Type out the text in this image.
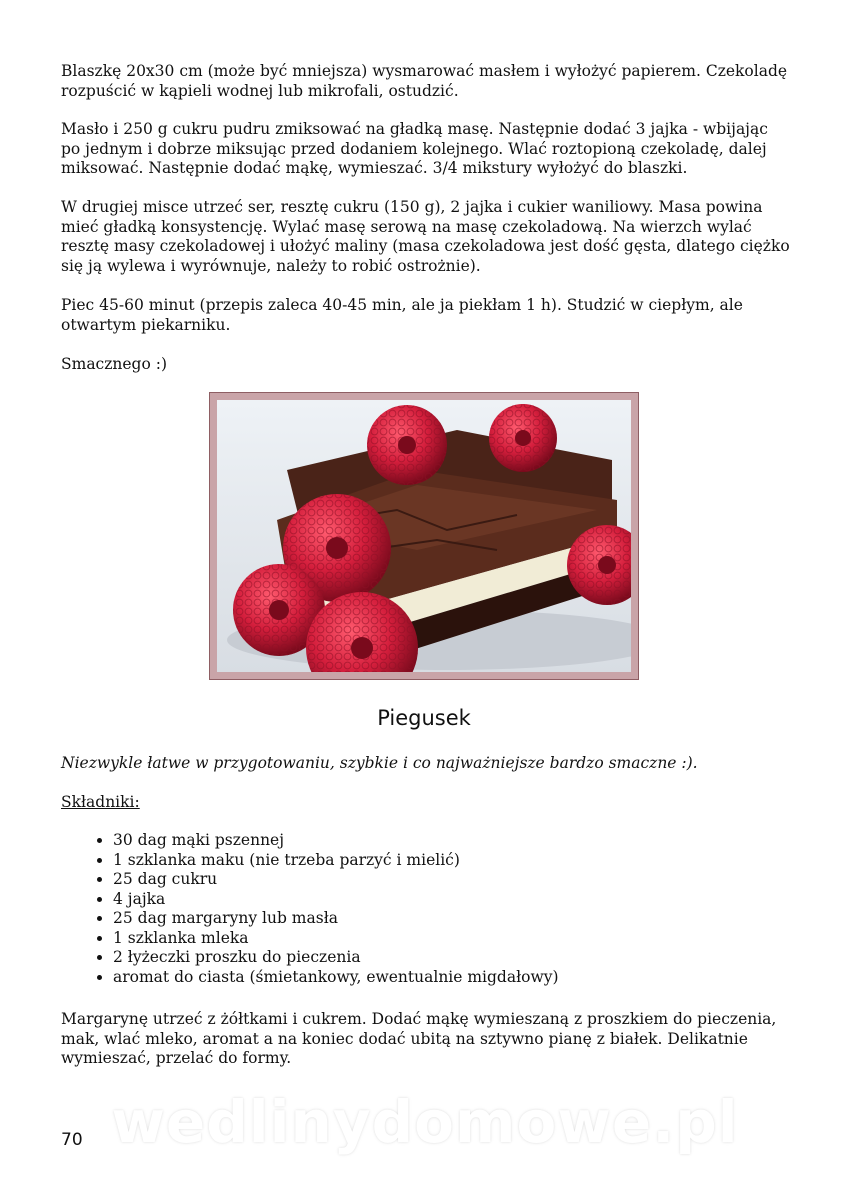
Blaszkę 20x30 cm (może być mniejsza) wysmarować masłem i wyłożyć papierem. Czekoladę rozpuścić w kąpieli wodnej lub mikrofali, ostudzić.

Masło i 250 g cukru pudru zmiksować na gładką masę. Następnie dodać 3 jajka - wbijając po jednym i dobrze miksując przed dodaniem kolejnego. Wlać roztopioną czekoladę, dalej miksować. Następnie dodać mąkę, wymieszać. 3/4 mikstury wyłożyć do blaszki.

W drugiej misce utrzeć ser, resztę cukru (150 g), 2 jajka i cukier waniliowy. Masa powina mieć gładką konsystencję. Wylać masę serową na masę czekoladową. Na wierzch wylać resztę masy czekoladowej i ułożyć maliny (masa czekoladowa jest dość gęsta, dlatego ciężko się ją wylewa i wyrównuje, należy to robić ostrożnie).

Piec 45-60 minut (przepis zaleca 40-45 min, ale ja piekłam 1 h). Studzić w ciepłym, ale otwartym piekarniku.

Smacznego :)

Piegusek

Niezwykle łatwe w przygotowaniu, szybkie i co najważniejsze bardzo smaczne :).

Składniki:

• 30 dag mąki pszennej
• 1 szklanka maku (nie trzeba parzyć i mielić)
• 25 dag cukru
• 4 jajka
• 25 dag margaryny lub masła
• 1 szklanka mleka
• 2 łyżeczki proszku do pieczenia
• aromat do ciasta (śmietankowy, ewentualnie migdałowy)

Margarynę utrzeć z żółtkami i cukrem. Dodać mąkę wymieszaną z proszkiem do pieczenia, mak, wlać mleko, aromat a na koniec dodać ubitą na sztywno pianę z białek. Delikatnie wymieszać, przelać do formy.

wedlinydomowe.pl

70
